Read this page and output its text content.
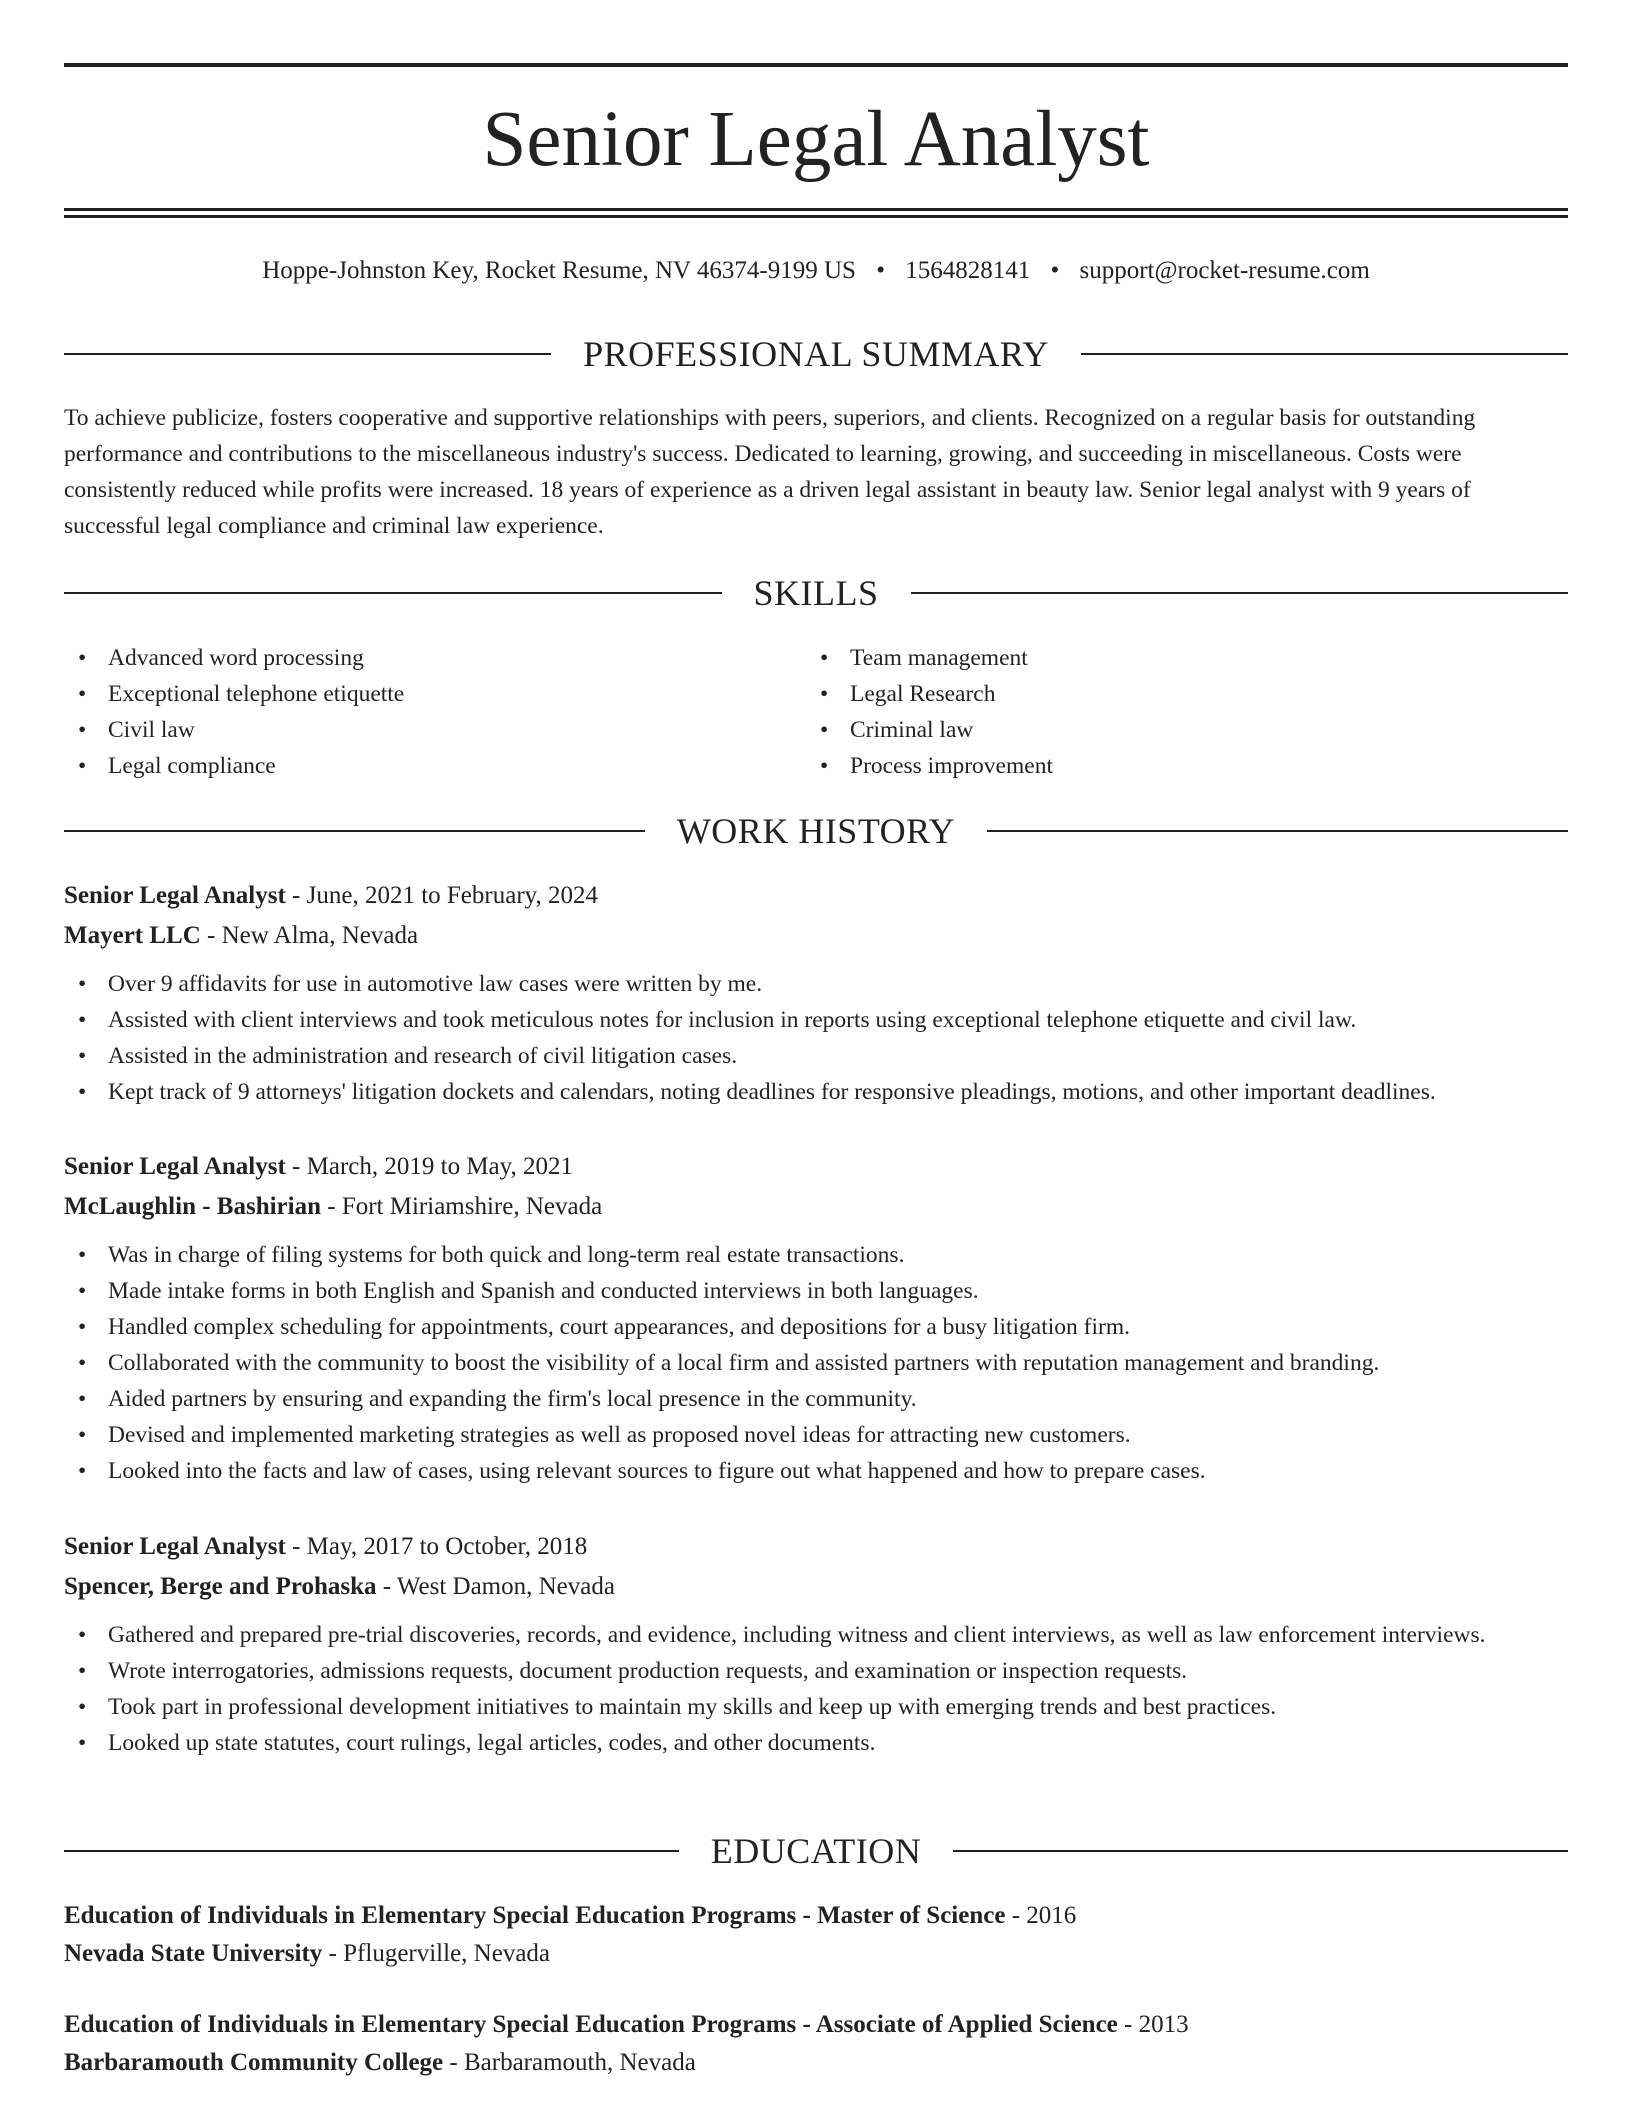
Senior Legal Analyst
Hoppe-Johnston Key, Rocket Resume, NV 46374-9199 US • 1564828141 • support@rocket-resume.com
PROFESSIONAL SUMMARY

To achieve publicize, fosters cooperative and supportive relationships with peers, superiors, and clients. Recognized on a regular basis for outstanding performance and contributions to the miscellaneous industry's success. Dedicated to learning, growing, and succeeding in miscellaneous. Costs were consistently reduced while profits were increased. 18 years of experience as a driven legal assistant in beauty law. Senior legal analyst with 9 years of successful legal compliance and criminal law experience.

SKILLS
• Advanced word processing
• Exceptional telephone etiquette
• Civil law
• Legal compliance
• Team management
• Legal Research
• Criminal law
• Process improvement
WORK HISTORY
Senior Legal Analyst - June, 2021 to February, 2024
Mayert LLC - New Alma, Nevada
• Over 9 affidavits for use in automotive law cases were written by me.
• Assisted with client interviews and took meticulous notes for inclusion in reports using exceptional telephone etiquette and civil law.
• Assisted in the administration and research of civil litigation cases.
• Kept track of 9 attorneys' litigation dockets and calendars, noting deadlines for responsive pleadings, motions, and other important deadlines.
Senior Legal Analyst - March, 2019 to May, 2021
McLaughlin - Bashirian - Fort Miriamshire, Nevada
• Was in charge of filing systems for both quick and long-term real estate transactions.
• Made intake forms in both English and Spanish and conducted interviews in both languages.
• Handled complex scheduling for appointments, court appearances, and depositions for a busy litigation firm.
• Collaborated with the community to boost the visibility of a local firm and assisted partners with reputation management and branding.
• Aided partners by ensuring and expanding the firm's local presence in the community.
• Devised and implemented marketing strategies as well as proposed novel ideas for attracting new customers.
• Looked into the facts and law of cases, using relevant sources to figure out what happened and how to prepare cases.
Senior Legal Analyst - May, 2017 to October, 2018
Spencer, Berge and Prohaska - West Damon, Nevada
• Gathered and prepared pre-trial discoveries, records, and evidence, including witness and client interviews, as well as law enforcement interviews.
• Wrote interrogatories, admissions requests, document production requests, and examination or inspection requests.
• Took part in professional development initiatives to maintain my skills and keep up with emerging trends and best practices.
• Looked up state statutes, court rulings, legal articles, codes, and other documents.
EDUCATION
Education of Individuals in Elementary Special Education Programs - Master of Science - 2016
Nevada State University - Pflugerville, Nevada
Education of Individuals in Elementary Special Education Programs - Associate of Applied Science - 2013
Barbaramouth Community College - Barbaramouth, Nevada
